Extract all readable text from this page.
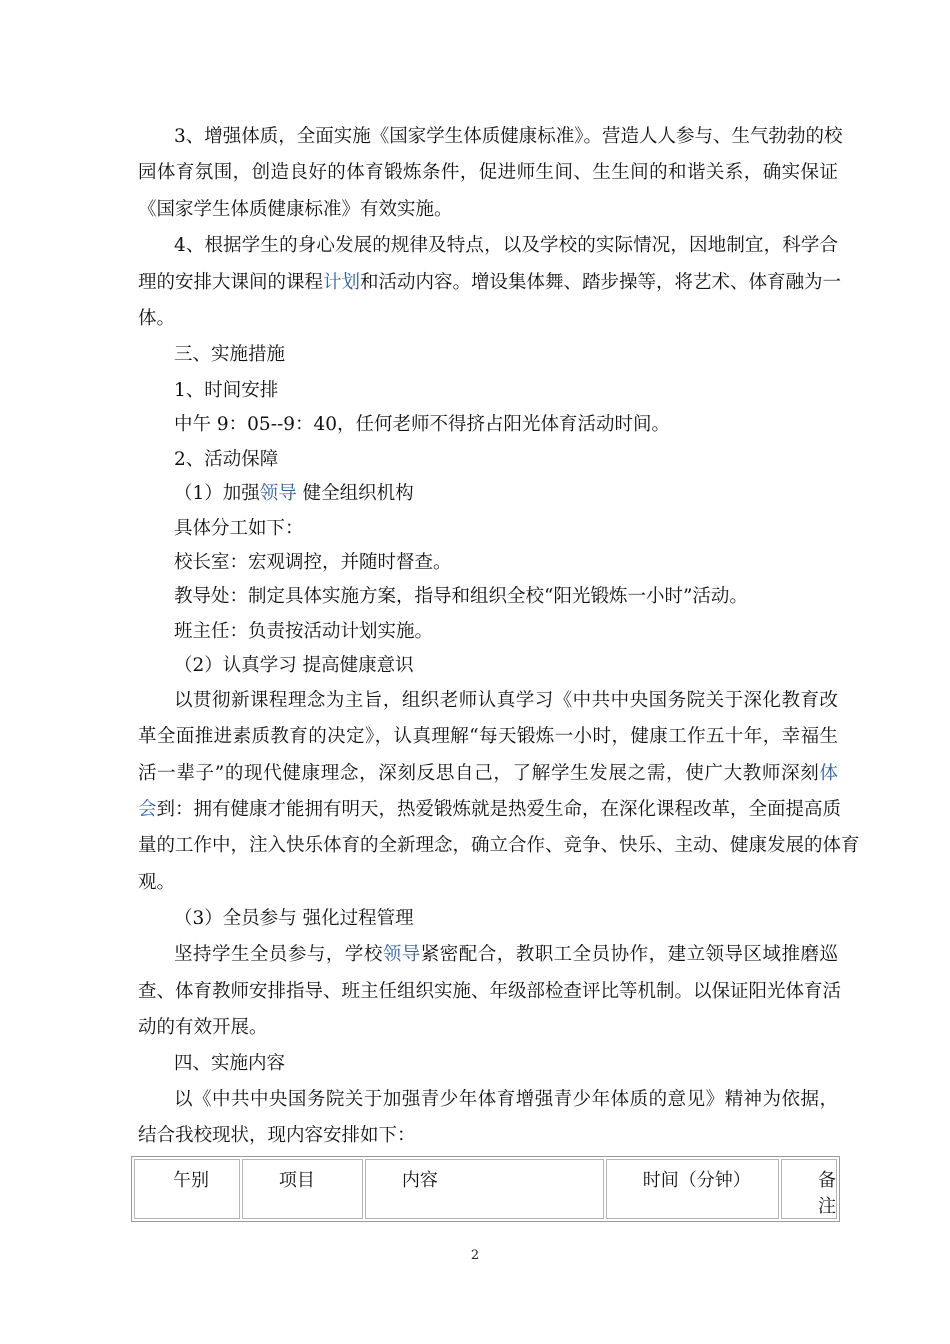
3、增强体质，全面实施《国家学生体质健康标准》。营造人人参与、生气勃勃的校
园体育氛围，创造良好的体育锻炼条件，促进师生间、生生间的和谐关系，确实保证
《国家学生体质健康标准》有效实施。
4、根据学生的身心发展的规律及特点，以及学校的实际情况，因地制宜，科学合
理的安排大课间的课程计划和活动内容。增设集体舞、踏步操等，将艺术、体育融为一
体。
三、实施措施
1、时间安排
中午 9：05--9：40，任何老师不得挤占阳光体育活动时间。
2、活动保障
（1）加强领导 健全组织机构
具体分工如下：
校长室：宏观调控，并随时督查。
教导处：制定具体实施方案，指导和组织全校“阳光锻炼一小时”活动。
班主任：负责按活动计划实施。
（2）认真学习 提高健康意识
以贯彻新课程理念为主旨，组织老师认真学习《中共中央国务院关于深化教育改
革全面推进素质教育的决定》，认真理解“每天锻炼一小时，健康工作五十年，幸福生
活一辈子”的现代健康理念，深刻反思自己，了解学生发展之需，使广大教师深刻体
会到：拥有健康才能拥有明天，热爱锻炼就是热爱生命，在深化课程改革，全面提高质
量的工作中，注入快乐体育的全新理念，确立合作、竞争、快乐、主动、健康发展的体育
观。
（3）全员参与 强化过程管理
坚持学生全员参与，学校领导紧密配合，教职工全员协作，建立领导区域推磨巡
查、体育教师安排指导、班主任组织实施、年级部检查评比等机制。以保证阳光体育活
动的有效开展。
四、实施内容
以《中共中央国务院关于加强青少年体育增强青少年体质的意见》精神为依据，
结合我校现状，现内容安排如下：
午别	项目	内容	时间（分钟）	备注
2
